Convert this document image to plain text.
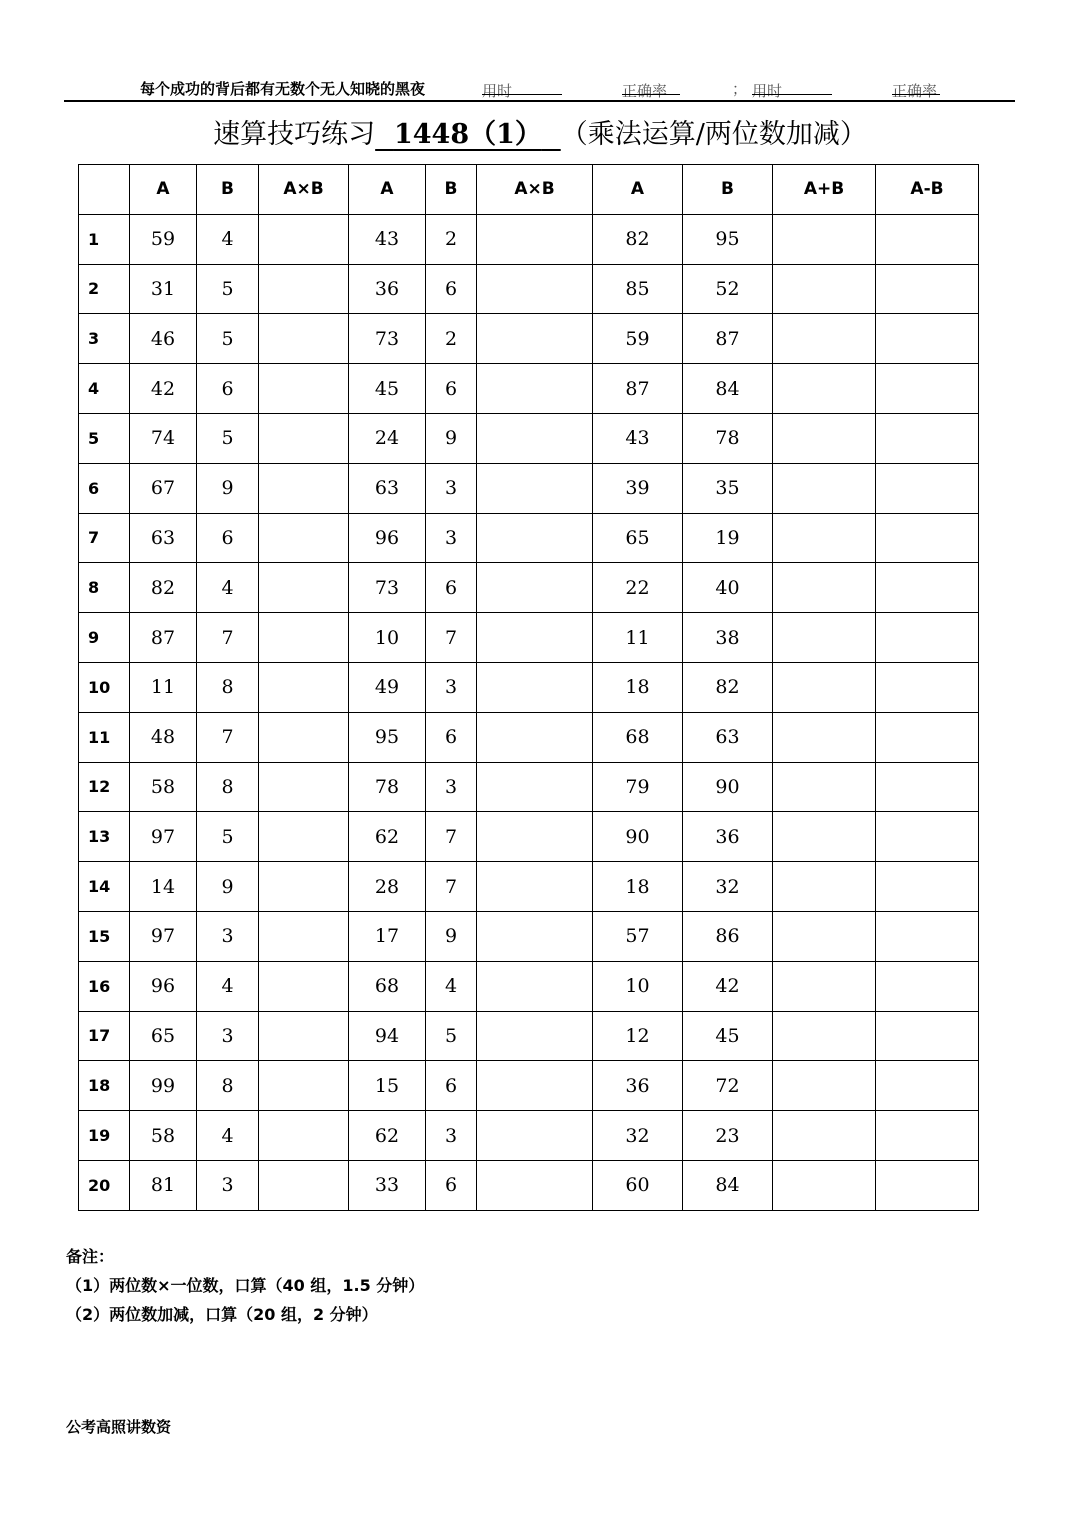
每个成功的背后都有无数个无人知晓的黑夜	用时	正确率	； 用时	正确率
速算技巧练习 1448（1） （乘法运算/两位数加减）
	A	B	A×B	A	B	A×B	A	B	A+B	A-B
1	59	4		43	2		82	95		
2	31	5		36	6		85	52		
3	46	5		73	2		59	87		
4	42	6		45	6		87	84		
5	74	5		24	9		43	78		
6	67	9		63	3		39	35		
7	63	6		96	3		65	19		
8	82	4		73	6		22	40		
9	87	7		10	7		11	38		
10	11	8		49	3		18	82		
11	48	7		95	6		68	63		
12	58	8		78	3		79	90		
13	97	5		62	7		90	36		
14	14	9		28	7		18	32		
15	97	3		17	9		57	86		
16	96	4		68	4		10	42		
17	65	3		94	5		12	45		
18	99	8		15	6		36	72		
19	58	4		62	3		32	23		
20	81	3		33	6		60	84		
备注：
（1）两位数×一位数，口算（40 组，1.5 分钟）
（2）两位数加减，口算（20 组，2 分钟）
公考高照讲数资
